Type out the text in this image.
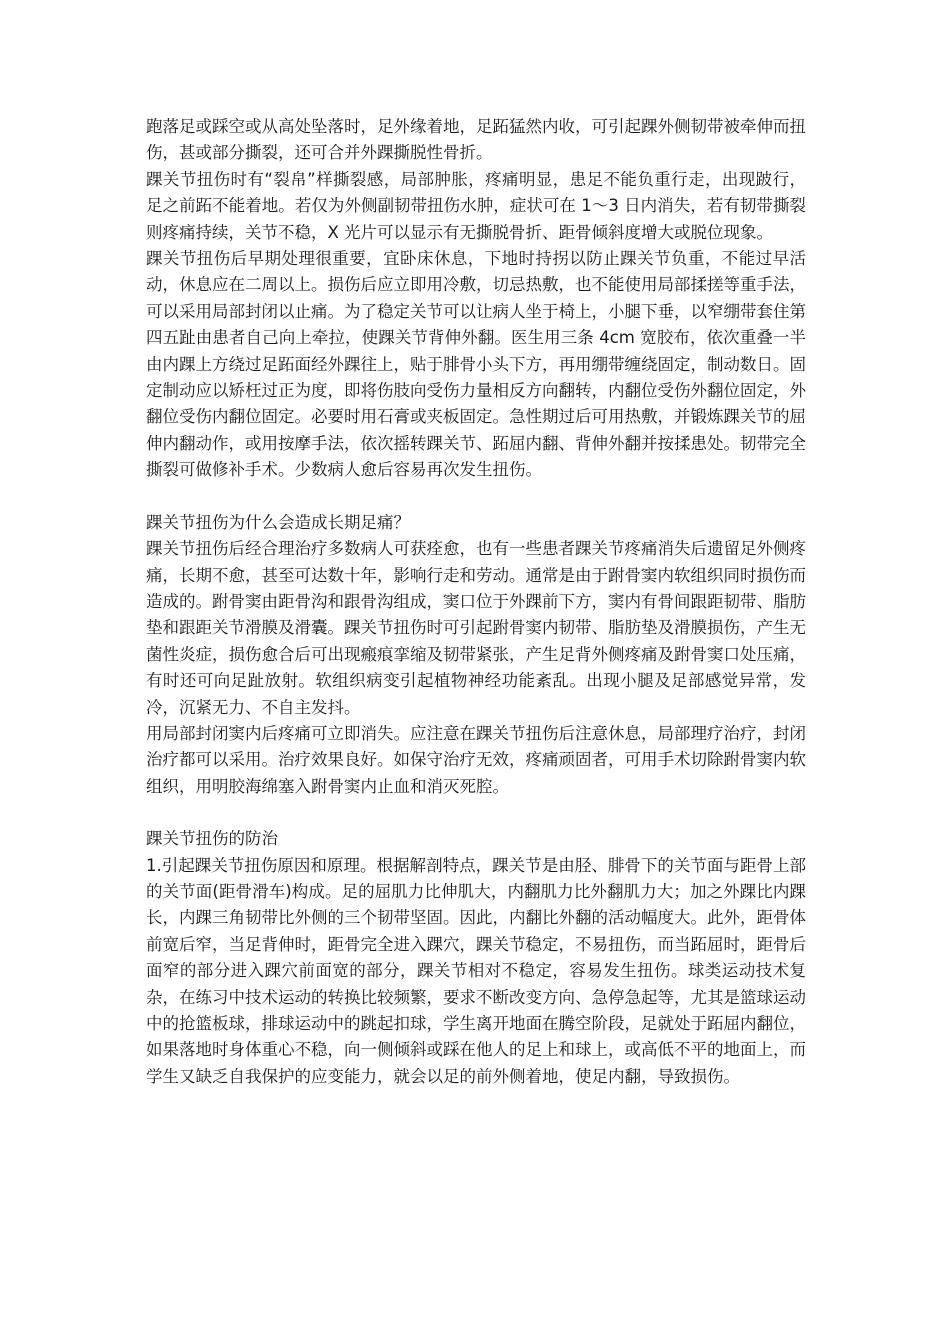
跑落足或踩空或从高处坠落时，足外缘着地，足跖猛然内收，可引起踝外侧韧带被牵伸而扭伤，甚或部分撕裂，还可合并外踝撕脱性骨折。

踝关节扭伤时有“裂帛”样撕裂感，局部肿胀，疼痛明显，患足不能负重行走，出现跛行，足之前跖不能着地。若仅为外侧副韧带扭伤水肿，症状可在 1～3 日内消失，若有韧带撕裂则疼痛持续，关节不稳，X 光片可以显示有无撕脱骨折、距骨倾斜度增大或脱位现象。

踝关节扭伤后早期处理很重要，宜卧床休息，下地时持拐以防止踝关节负重，不能过早活动，休息应在二周以上。损伤后应立即用冷敷，切忌热敷，也不能使用局部揉搓等重手法，可以采用局部封闭以止痛。为了稳定关节可以让病人坐于椅上，小腿下垂，以窄绷带套住第四五趾由患者自己向上牵拉，使踝关节背伸外翻。医生用三条 4cm 宽胶布，依次重叠一半由内踝上方绕过足跖面经外踝往上，贴于腓骨小头下方，再用绷带缠绕固定，制动数日。固定制动应以矫枉过正为度，即将伤肢向受伤力量相反方向翻转，内翻位受伤外翻位固定，外翻位受伤内翻位固定。必要时用石膏或夹板固定。急性期过后可用热敷，并锻炼踝关节的屈伸内翻动作，或用按摩手法，依次摇转踝关节、跖屈内翻、背伸外翻并按揉患处。韧带完全撕裂可做修补手术。少数病人愈后容易再次发生扭伤。

踝关节扭伤为什么会造成长期足痛？

踝关节扭伤后经合理治疗多数病人可获痊愈，也有一些患者踝关节疼痛消失后遗留足外侧疼痛，长期不愈，甚至可达数十年，影响行走和劳动。通常是由于跗骨窦内软组织同时损伤而造成的。跗骨窦由距骨沟和跟骨沟组成，窦口位于外踝前下方，窦内有骨间跟距韧带、脂肪垫和跟距关节滑膜及滑囊。踝关节扭伤时可引起跗骨窦内韧带、脂肪垫及滑膜损伤，产生无菌性炎症，损伤愈合后可出现瘢痕挛缩及韧带紧张，产生足背外侧疼痛及跗骨窦口处压痛，有时还可向足趾放射。软组织病变引起植物神经功能紊乱。出现小腿及足部感觉异常，发冷，沉紧无力、不自主发抖。

用局部封闭窦内后疼痛可立即消失。应注意在踝关节扭伤后注意休息，局部理疗治疗，封闭治疗都可以采用。治疗效果良好。如保守治疗无效，疼痛顽固者，可用手术切除跗骨窦内软组织，用明胶海绵塞入跗骨窦内止血和消灭死腔。

踝关节扭伤的防治

1.引起踝关节扭伤原因和原理。根据解剖特点，踝关节是由胫、腓骨下的关节面与距骨上部的关节面(距骨滑车)构成。足的屈肌力比伸肌大，内翻肌力比外翻肌力大；加之外踝比内踝长，内踝三角韧带比外侧的三个韧带坚固。因此，内翻比外翻的活动幅度大。此外，距骨体前宽后窄，当足背伸时，距骨完全进入踝穴，踝关节稳定，不易扭伤，而当跖屈时，距骨后面窄的部分进入踝穴前面宽的部分，踝关节相对不稳定，容易发生扭伤。球类运动技术复杂，在练习中技术运动的转换比较频繁，要求不断改变方向、急停急起等，尤其是篮球运动中的抢篮板球，排球运动中的跳起扣球，学生离开地面在腾空阶段，足就处于跖屈内翻位，如果落地时身体重心不稳，向一侧倾斜或踩在他人的足上和球上，或高低不平的地面上，而学生又缺乏自我保护的应变能力，就会以足的前外侧着地，使足内翻，导致损伤。
